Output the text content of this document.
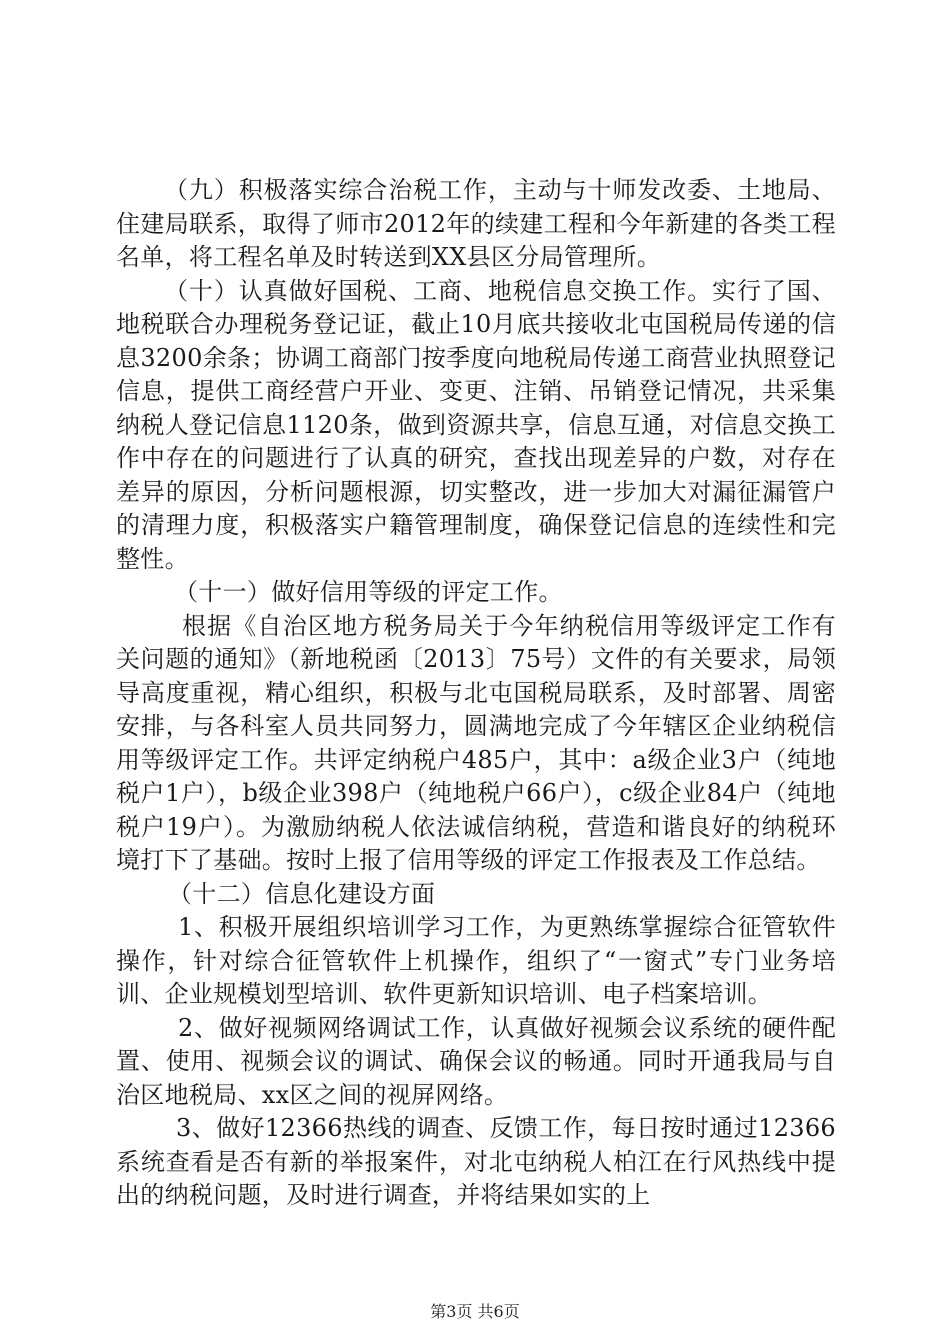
（九）积极落实综合治税工作，主动与十师发改委、土地局、住建局联系，取得了师市2012年的续建工程和今年新建的各类工程名单，将工程名单及时转送到XX县区分局管理所。

（十）认真做好国税、工商、地税信息交换工作。实行了国、地税联合办理税务登记证，截止10月底共接收北屯国税局传递的信息3200余条；协调工商部门按季度向地税局传递工商营业执照登记信息，提供工商经营户开业、变更、注销、吊销登记情况，共采集纳税人登记信息1120条，做到资源共享，信息互通，对信息交换工作中存在的问题进行了认真的研究，查找出现差异的户数，对存在差异的原因，分析问题根源，切实整改，进一步加大对漏征漏管户的清理力度，积极落实户籍管理制度，确保登记信息的连续性和完整性。

（十一）做好信用等级的评定工作。

根据《自治区地方税务局关于今年纳税信用等级评定工作有关问题的通知》（新地税函〔2013〕75号）文件的有关要求，局领导高度重视，精心组织，积极与北屯国税局联系，及时部署、周密安排，与各科室人员共同努力，圆满地完成了今年辖区企业纳税信用等级评定工作。共评定纳税户485户，其中：a级企业3户（纯地税户1户），b级企业398户（纯地税户66户），c级企业84户（纯地税户19户）。为激励纳税人依法诚信纳税，营造和谐良好的纳税环境打下了基础。按时上报了信用等级的评定工作报表及工作总结。

（十二）信息化建设方面

1、积极开展组织培训学习工作，为更熟练掌握综合征管软件操作，针对综合征管软件上机操作，组织了“一窗式”专门业务培训、企业规模划型培训、软件更新知识培训、电子档案培训。

2、做好视频网络调试工作，认真做好视频会议系统的硬件配置、使用、视频会议的调试、确保会议的畅通。同时开通我局与自治区地税局、xx区之间的视屏网络。

3、做好12366热线的调查、反馈工作，每日按时通过12366系统查看是否有新的举报案件，对北屯纳税人柏江在行风热线中提出的纳税问题，及时进行调查，并将结果如实的上

第3页 共6页
